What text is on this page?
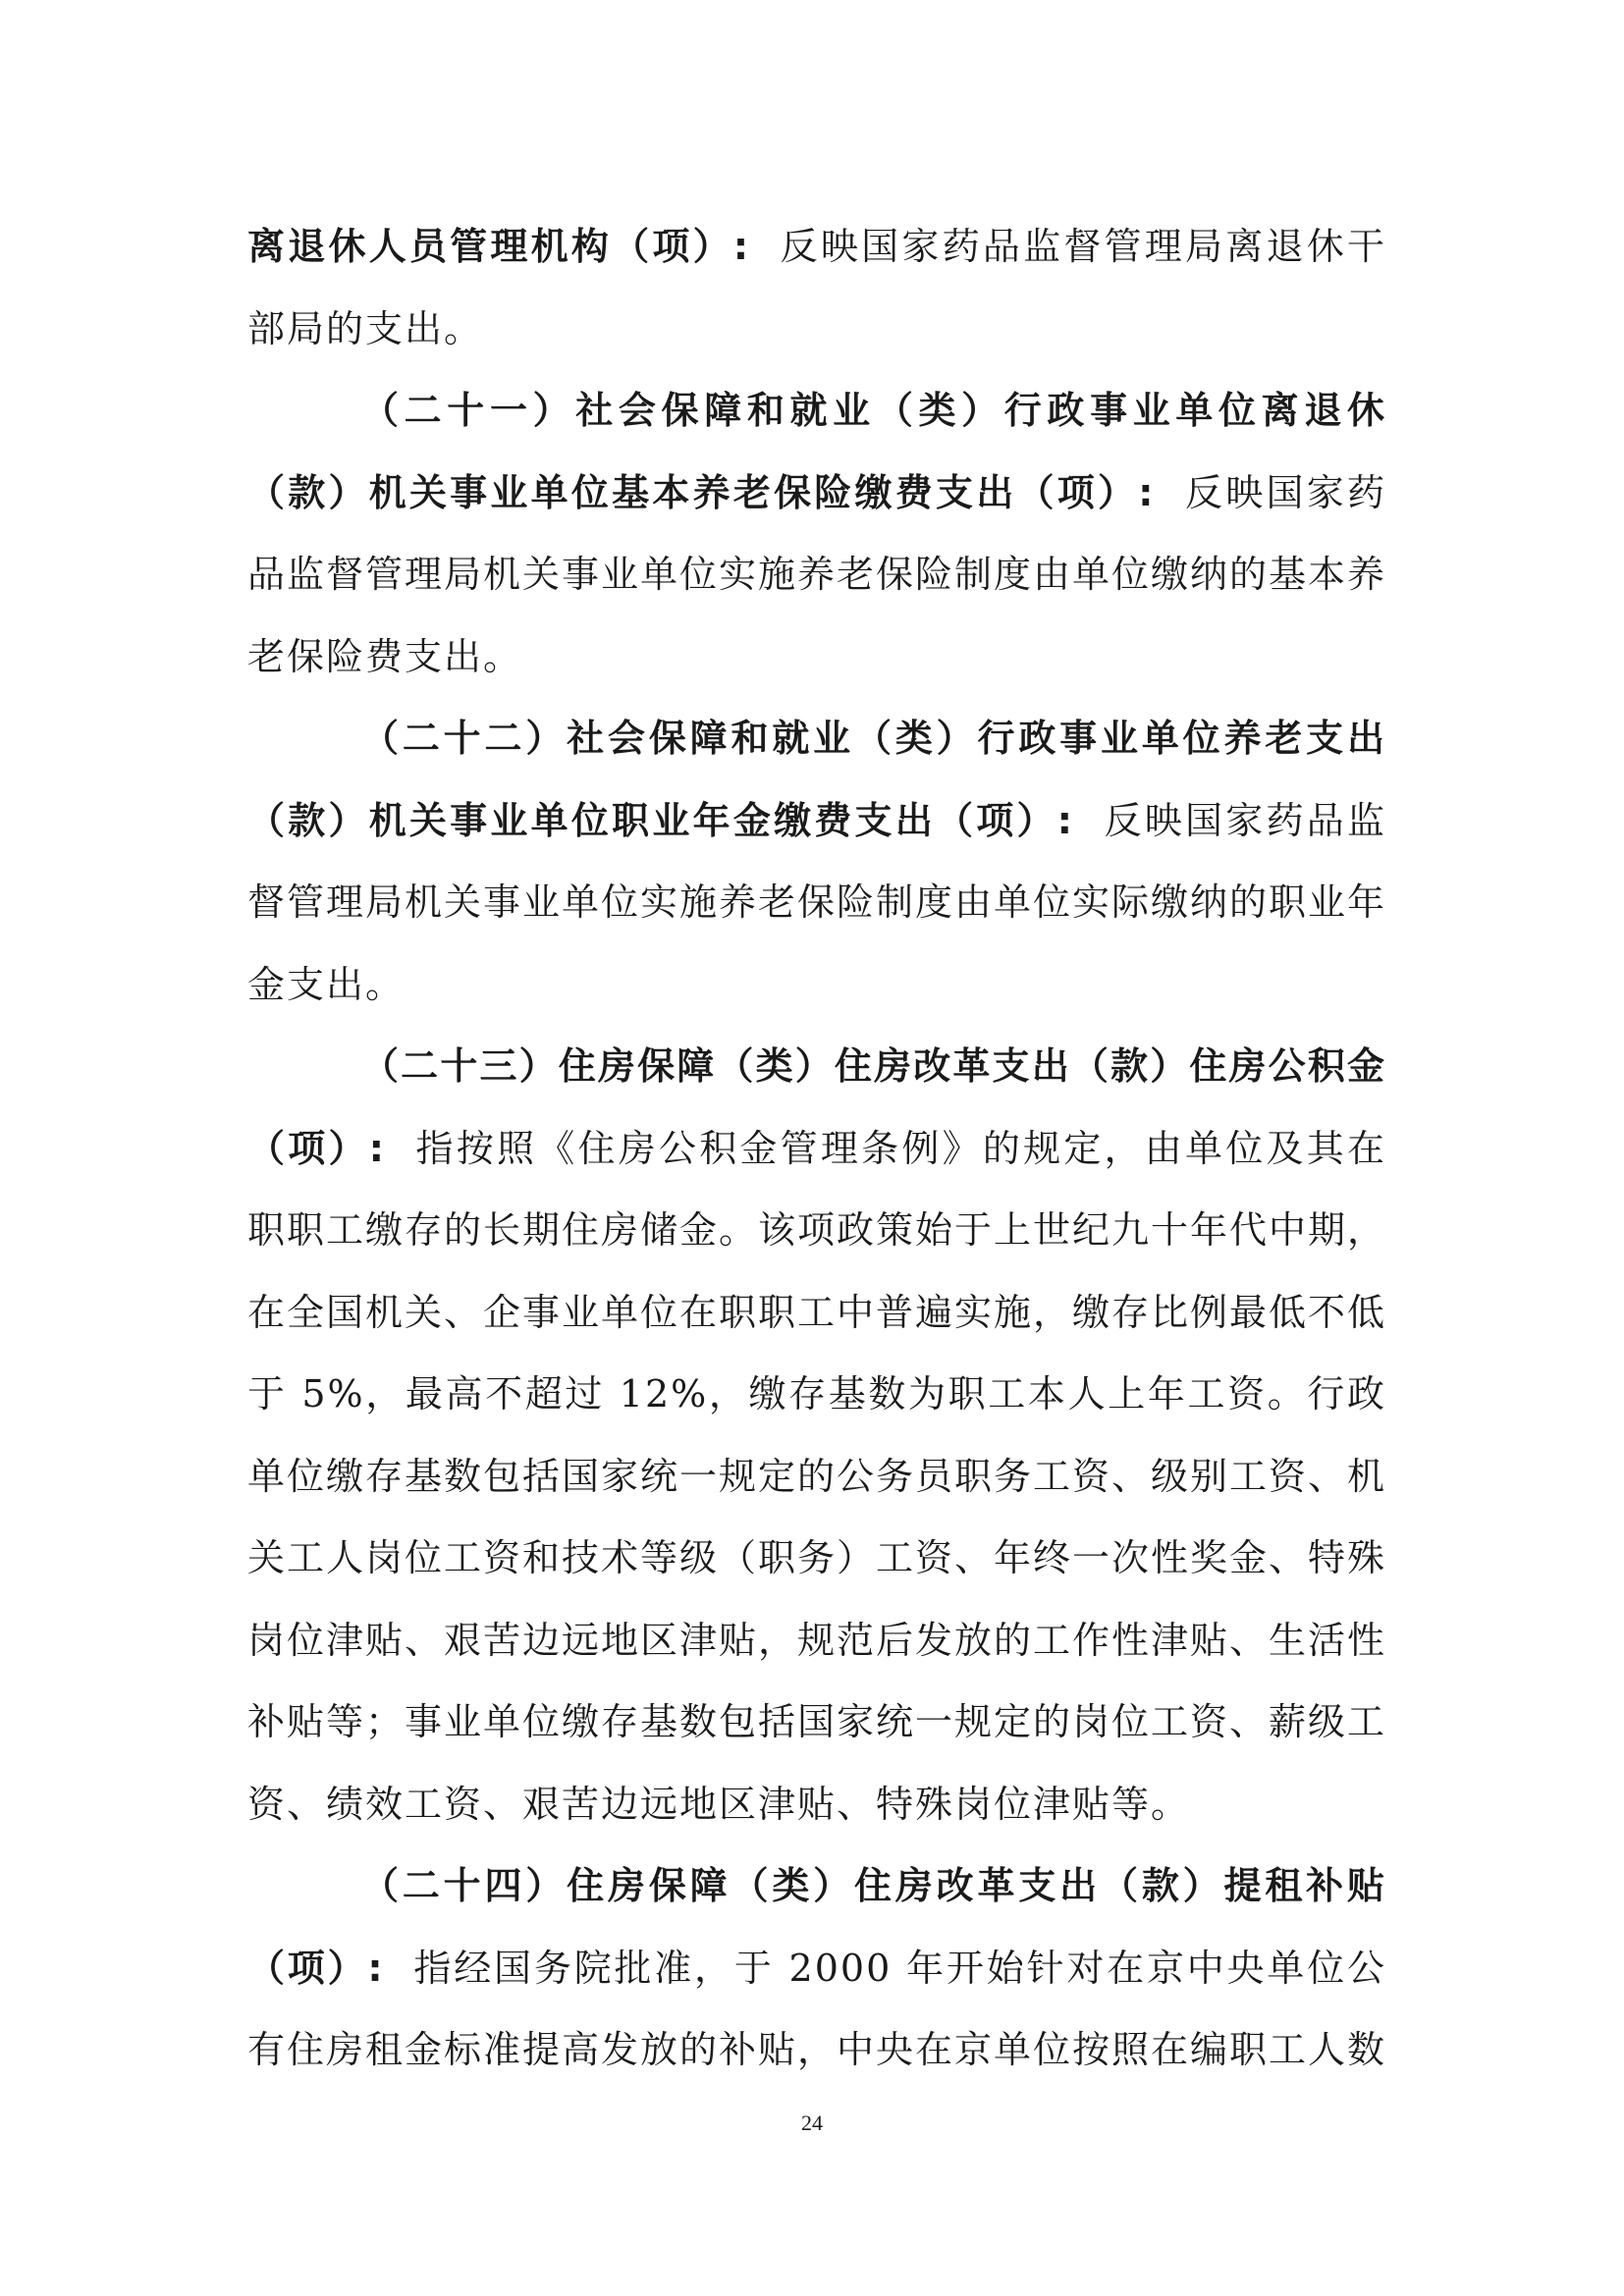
离退休人员管理机构（项）: 反映国家药品监督管理局离退休干部局的支出。

（二十一）社会保障和就业（类）行政事业单位离退休（款）机关事业单位基本养老保险缴费支出（项）: 反映国家药品监督管理局机关事业单位实施养老保险制度由单位缴纳的基本养老保险费支出。

（二十二）社会保障和就业（类）行政事业单位养老支出（款）机关事业单位职业年金缴费支出（项）: 反映国家药品监督管理局机关事业单位实施养老保险制度由单位实际缴纳的职业年金支出。

（二十三）住房保障（类）住房改革支出（款）住房公积金（项）: 指按照《住房公积金管理条例》的规定，由单位及其在职职工缴存的长期住房储金。该项政策始于上世纪九十年代中期，在全国机关、企事业单位在职职工中普遍实施，缴存比例最低不低于 5%，最高不超过 12%，缴存基数为职工本人上年工资。行政单位缴存基数包括国家统一规定的公务员职务工资、级别工资、机关工人岗位工资和技术等级（职务）工资、年终一次性奖金、特殊岗位津贴、艰苦边远地区津贴，规范后发放的工作性津贴、生活性补贴等；事业单位缴存基数包括国家统一规定的岗位工资、薪级工资、绩效工资、艰苦边远地区津贴、特殊岗位津贴等。

（二十四）住房保障（类）住房改革支出（款）提租补贴（项）: 指经国务院批准，于 2000 年开始针对在京中央单位公有住房租金标准提高发放的补贴，中央在京单位按照在编职工人数

24
